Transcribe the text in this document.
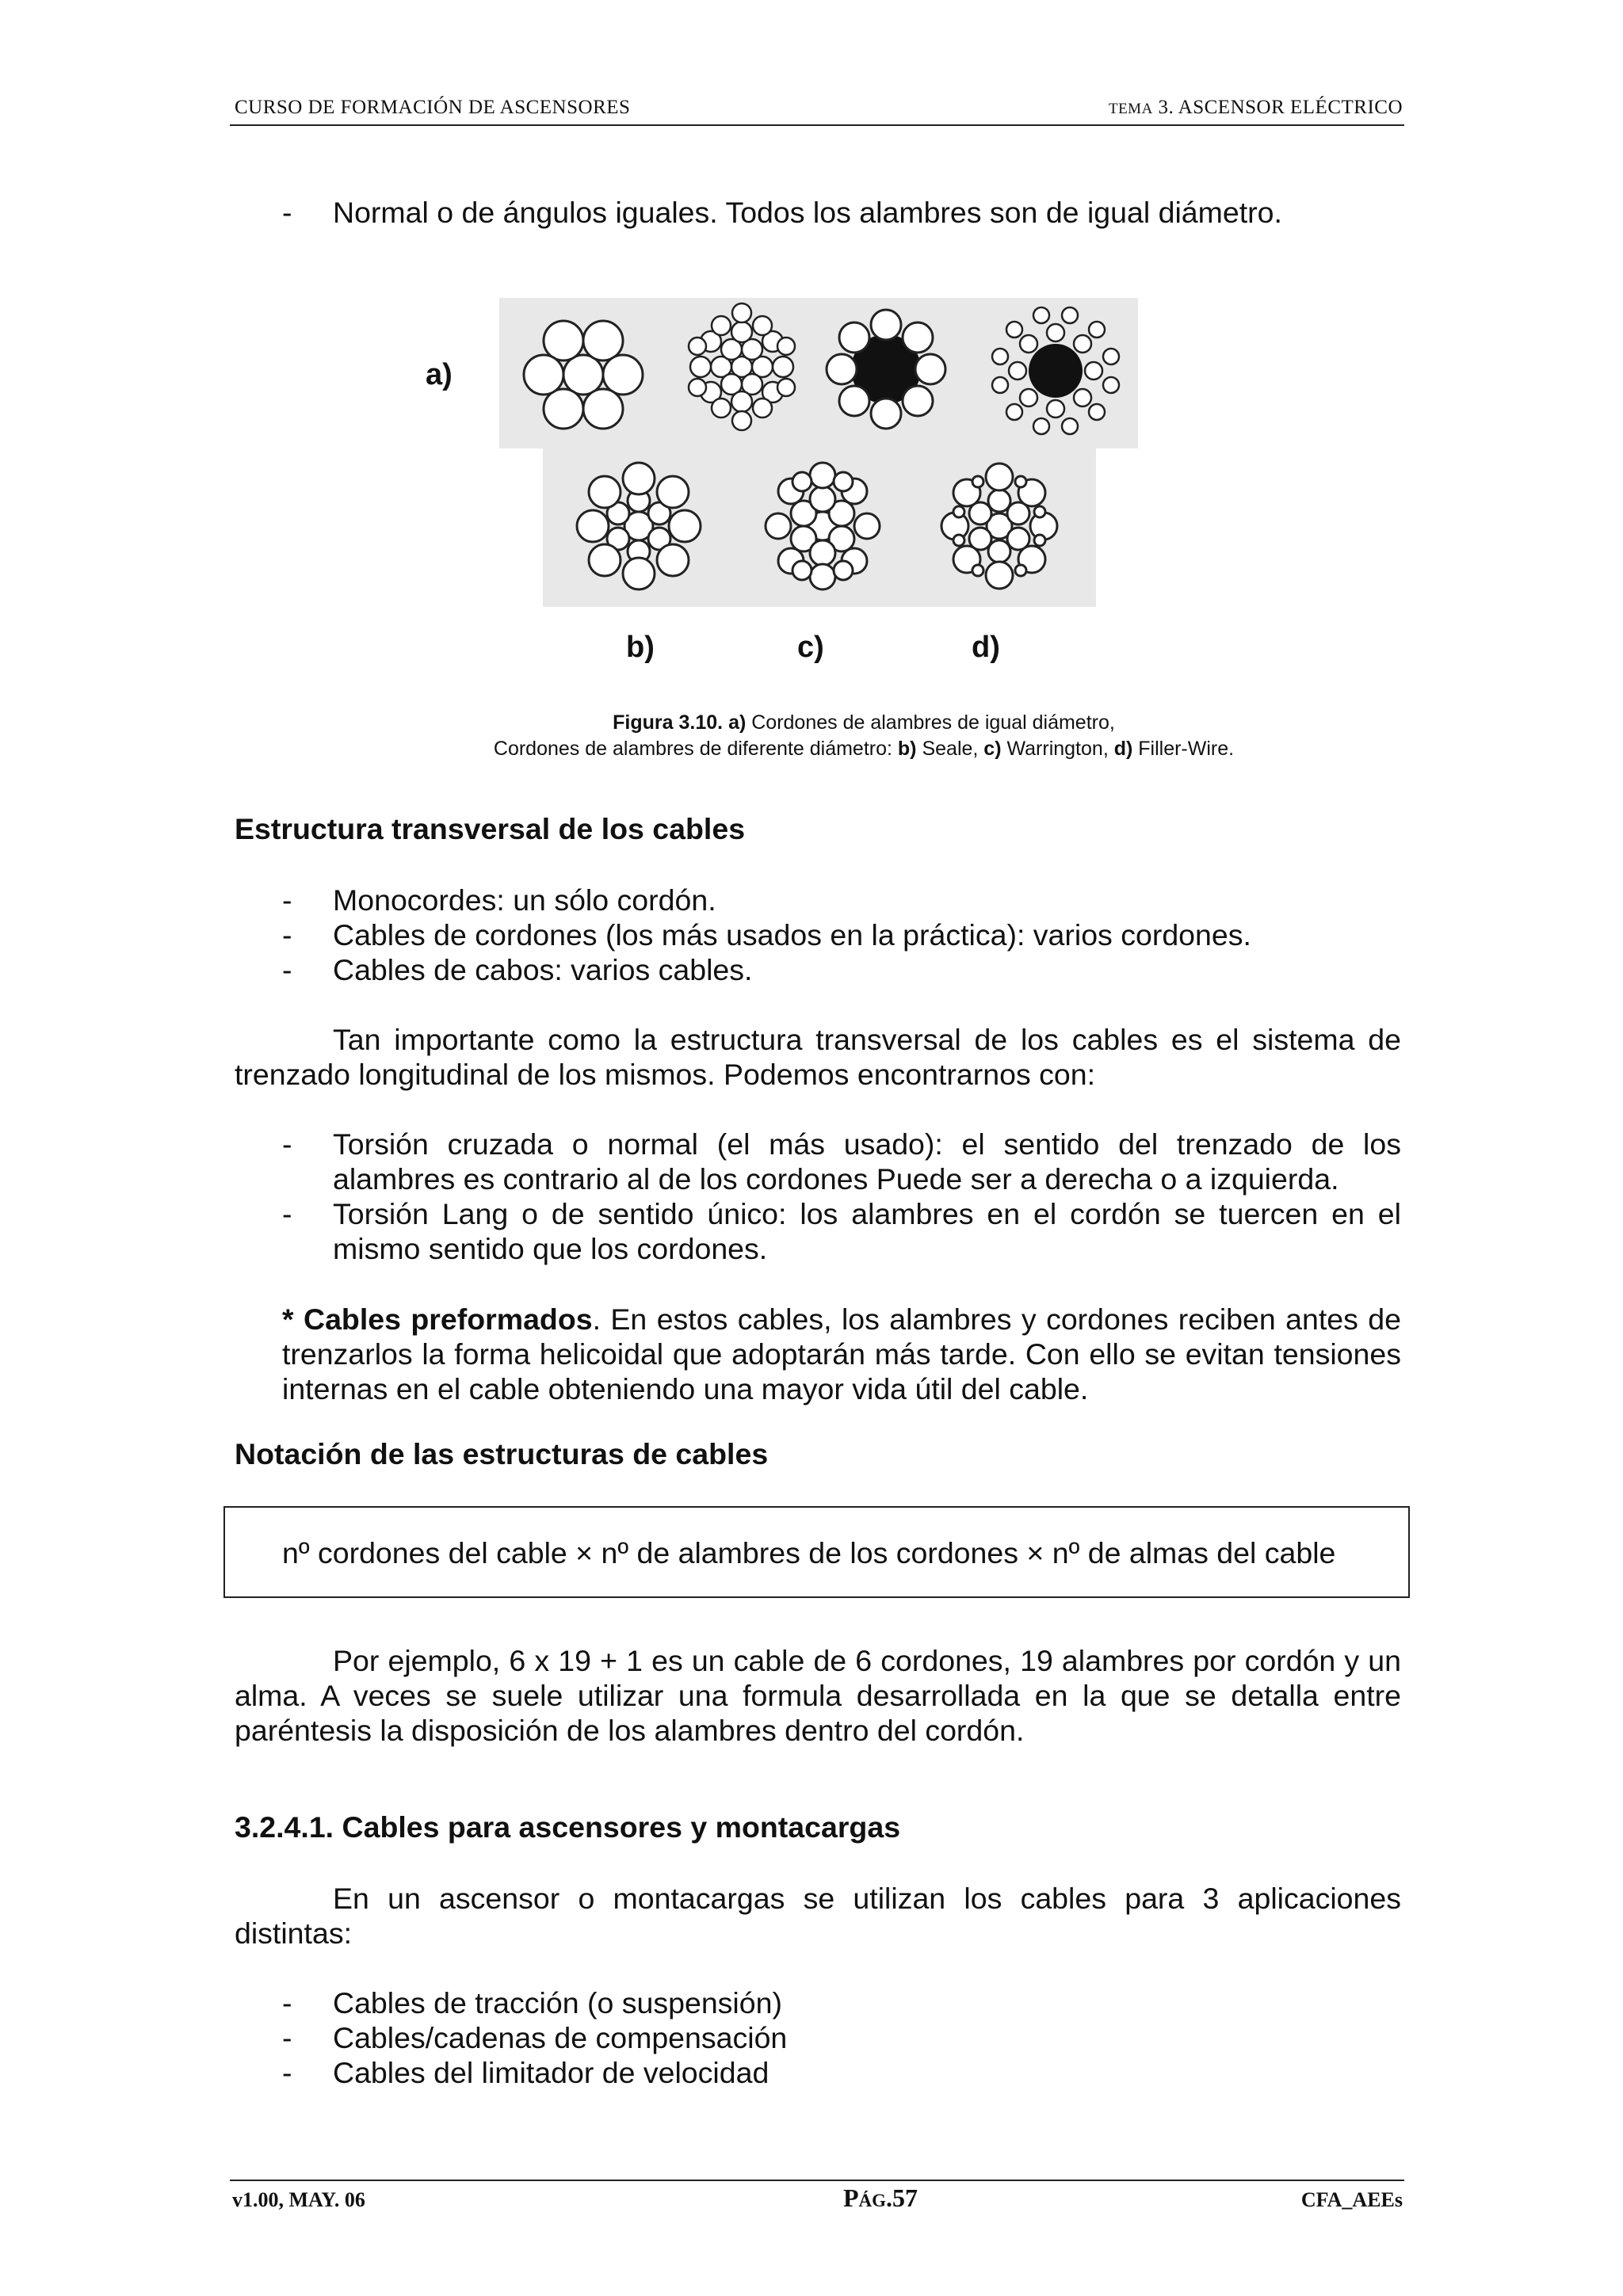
CURSO DE FORMACIÓN DE ASCENSORES	TEMA 3. ASCENSOR ELÉCTRICO
- Normal o de ángulos iguales. Todos los alambres son de igual diámetro.
a)
b)	c)	d)
Figura 3.10. a) Cordones de alambres de igual diámetro,
Cordones de alambres de diferente diámetro: b) Seale, c) Warrington, d) Filler-Wire.
Estructura transversal de los cables
- Monocordes: un sólo cordón.
- Cables de cordones (los más usados en la práctica): varios cordones.
- Cables de cabos: varios cables.
Tan importante como la estructura transversal de los cables es el sistema de trenzado longitudinal de los mismos. Podemos encontrarnos con:
- Torsión cruzada o normal (el más usado): el sentido del trenzado de los alambres es contrario al de los cordones Puede ser a derecha o a izquierda.
- Torsión Lang o de sentido único: los alambres en el cordón se tuercen en el mismo sentido que los cordones.
* Cables preformados. En estos cables, los alambres y cordones reciben antes de trenzarlos la forma helicoidal que adoptarán más tarde. Con ello se evitan tensiones internas en el cable obteniendo una mayor vida útil del cable.
Notación de las estructuras de cables
nº cordones del cable × nº de alambres de los cordones × nº de almas del cable
Por ejemplo, 6 x 19 + 1 es un cable de 6 cordones, 19 alambres por cordón y un alma. A veces se suele utilizar una formula desarrollada en la que se detalla entre paréntesis la disposición de los alambres dentro del cordón.
3.2.4.1. Cables para ascensores y montacargas
En un ascensor o montacargas se utilizan los cables para 3 aplicaciones distintas:
- Cables de tracción (o suspensión)
- Cables/cadenas de compensación
- Cables del limitador de velocidad
v1.00, MAY. 06	PÁG.57	CFA_AEEs
